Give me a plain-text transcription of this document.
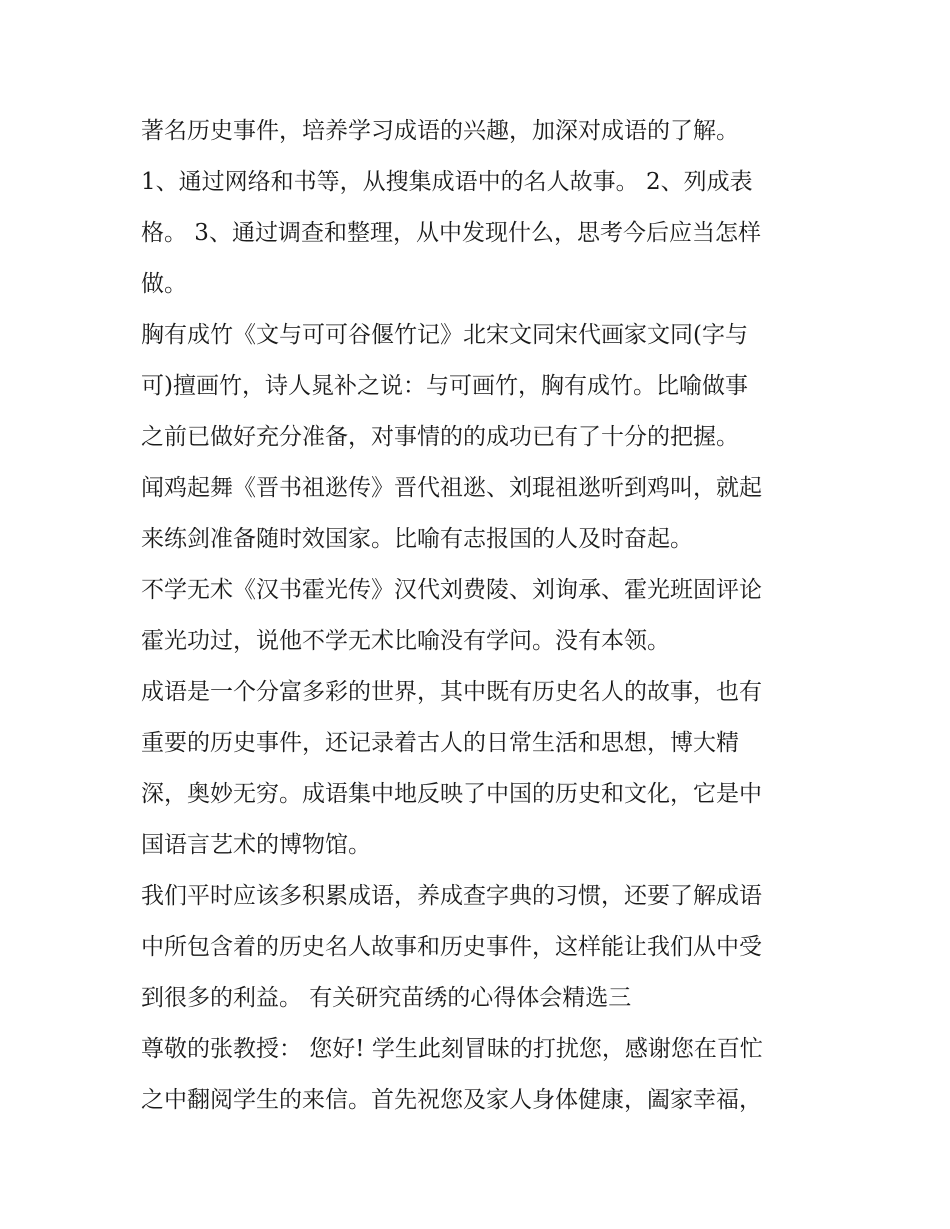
著名历史事件，培养学习成语的兴趣，加深对成语的了解。
1、通过网络和书等，从搜集成语中的名人故事。 2、列成表
格。 3、通过调查和整理，从中发现什么，思考今后应当怎样
做。
胸有成竹《文与可可谷偃竹记》北宋文同宋代画家文同(字与
可)擅画竹，诗人晁补之说：与可画竹，胸有成竹。比喻做事
之前已做好充分准备，对事情的的成功已有了十分的把握。
闻鸡起舞《晋书祖逖传》晋代祖逖、刘琨祖逖听到鸡叫，就起
来练剑准备随时效国家。比喻有志报国的人及时奋起。
不学无术《汉书霍光传》汉代刘费陵、刘询承、霍光班固评论
霍光功过，说他不学无术比喻没有学问。没有本领。
成语是一个分富多彩的世界，其中既有历史名人的故事，也有
重要的历史事件，还记录着古人的日常生活和思想，博大精
深，奥妙无穷。成语集中地反映了中国的历史和文化，它是中
国语言艺术的博物馆。
我们平时应该多积累成语，养成查字典的习惯，还要了解成语
中所包含着的历史名人故事和历史事件，这样能让我们从中受
到很多的利益。 有关研究苗绣的心得体会精选三
尊敬的张教授： 您好! 学生此刻冒昧的打扰您，感谢您在百忙
之中翻阅学生的来信。首先祝您及家人身体健康，阖家幸福，
